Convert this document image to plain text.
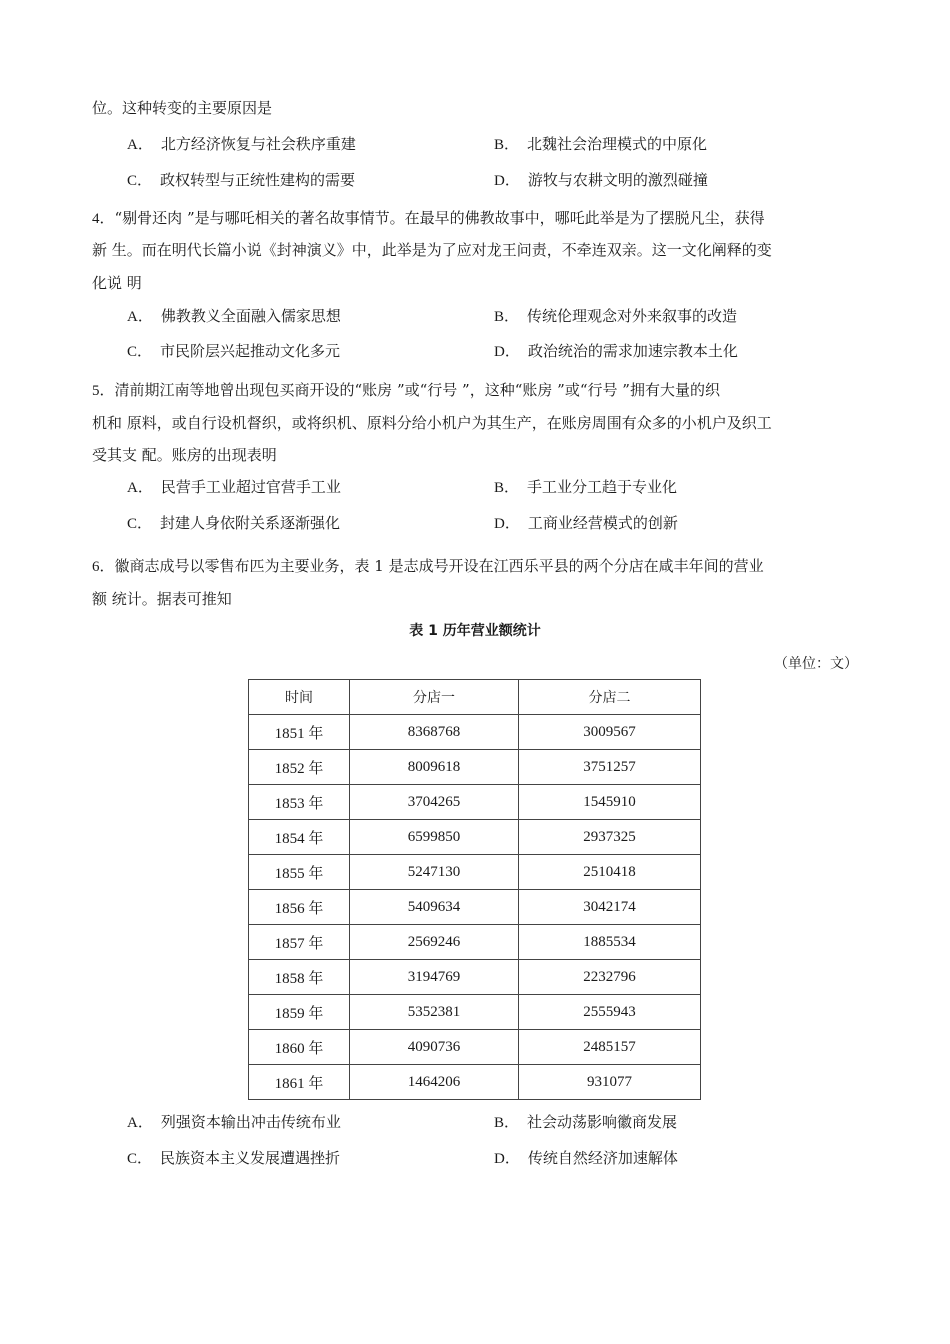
位。这种转变的主要原因是
A． 北方经济恢复与社会秩序重建	B． 北魏社会治理模式的中原化
C． 政权转型与正统性建构的需要	D． 游牧与农耕文明的激烈碰撞
4．“剔骨还肉 ”是与哪吒相关的著名故事情节。在最早的佛教故事中，哪吒此举是为了摆脱凡尘，获得
新 生。而在明代长篇小说《封神演义》中，此举是为了应对龙王问责，不牵连双亲。这一文化阐释的变
化说 明
A． 佛教教义全面融入儒家思想	B． 传统伦理观念对外来叙事的改造
C． 市民阶层兴起推动文化多元	D． 政治统治的需求加速宗教本土化
5．清前期江南等地曾出现包买商开设的“账房 ”或“行号 ”，这种“账房 ”或“行号 ”拥有大量的织
机和 原料，或自行设机督织，或将织机、原料分给小机户为其生产，在账房周围有众多的小机户及织工
受其支 配。账房的出现表明
A． 民营手工业超过官营手工业	B． 手工业分工趋于专业化
C． 封建人身依附关系逐渐强化	D． 工商业经营模式的创新
6．徽商志成号以零售布匹为主要业务，表 1 是志成号开设在江西乐平县的两个分店在咸丰年间的营业
额 统计。据表可推知
表 1 历年营业额统计
（单位：文）
时间	分店一	分店二
1851 年	8368768	3009567
1852 年	8009618	3751257
1853 年	3704265	1545910
1854 年	6599850	2937325
1855 年	5247130	2510418
1856 年	5409634	3042174
1857 年	2569246	1885534
1858 年	3194769	2232796
1859 年	5352381	2555943
1860 年	4090736	2485157
1861 年	1464206	931077
A． 列强资本输出冲击传统布业	B． 社会动荡影响徽商发展
C． 民族资本主义发展遭遇挫折	D． 传统自然经济加速解体
